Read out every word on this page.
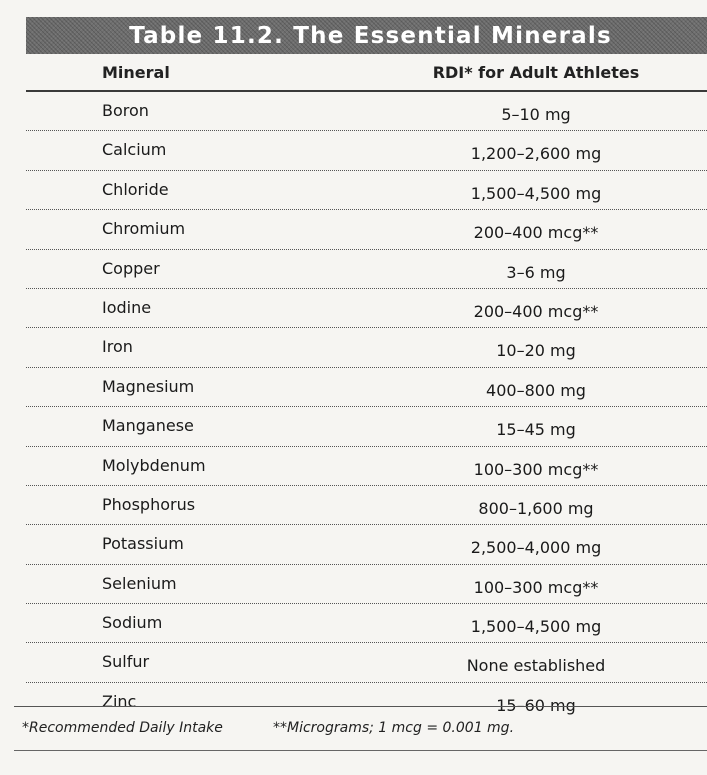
Table 11.2. The Essential Minerals
Mineral	RDI* for Adult Athletes
Boron	5–10 mg
Calcium	1,200–2,600 mg
Chloride	1,500–4,500 mg
Chromium	200–400 mcg**
Copper	3–6 mg
Iodine	200–400 mcg**
Iron	10–20 mg
Magnesium	400–800 mg
Manganese	15–45 mg
Molybdenum	100–300 mcg**
Phosphorus	800–1,600 mg
Potassium	2,500–4,000 mg
Selenium	100–300 mcg**
Sodium	1,500–4,500 mg
Sulfur	None established
Zinc	15–60 mg
*Recommended Daily Intake	**Micrograms; 1 mcg = 0.001 mg.
